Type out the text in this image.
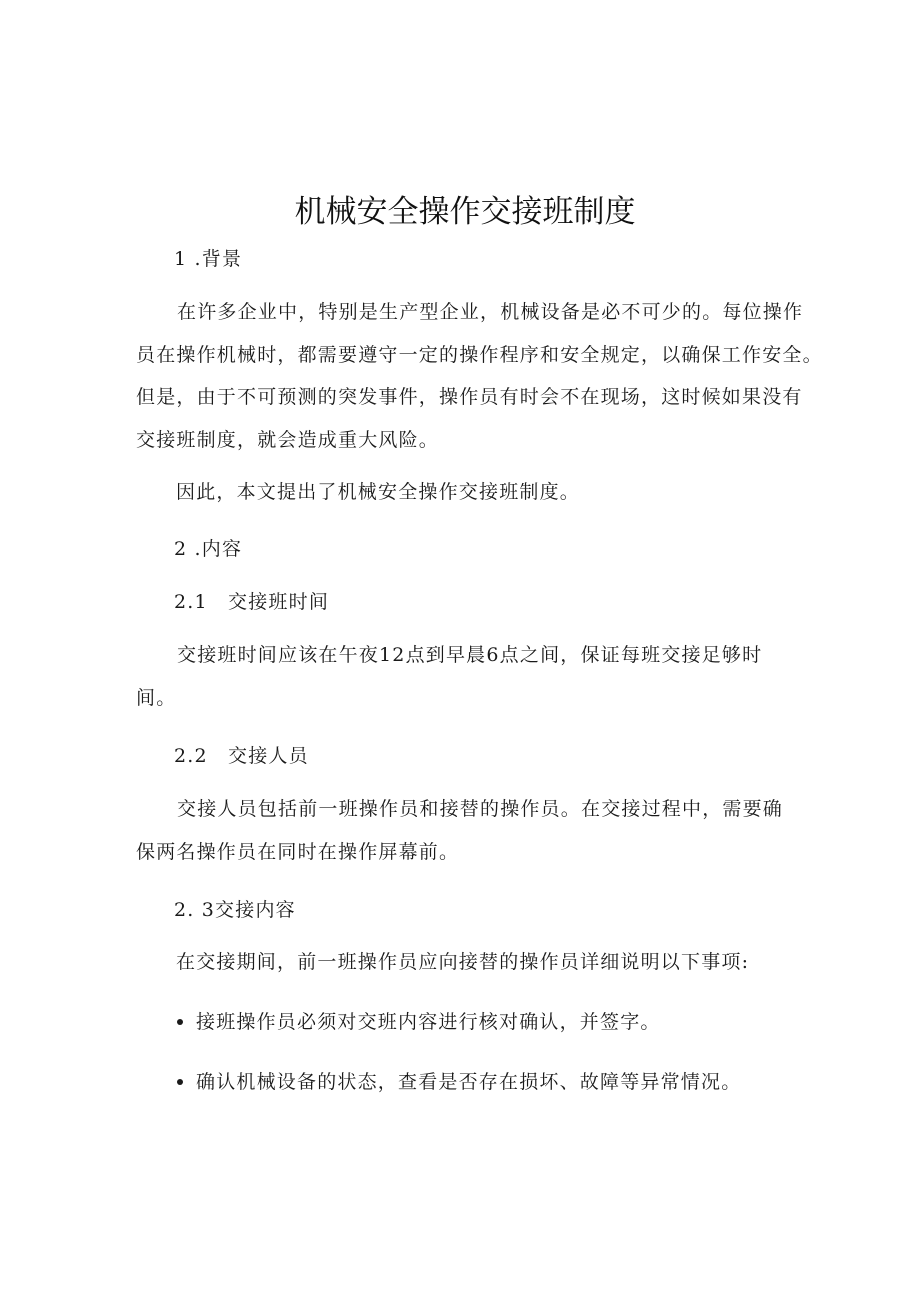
机械安全操作交接班制度
1 .背景
在许多企业中，特别是生产型企业，机械设备是必不可少的。每位操作
员在操作机械时，都需要遵守一定的操作程序和安全规定，以确保工作安全。
但是，由于不可预测的突发事件，操作员有时会不在现场，这时候如果没有
交接班制度，就会造成重大风险。
因此，本文提出了机械安全操作交接班制度。
2 .内容
2.1　交接班时间
交接班时间应该在午夜12点到早晨6点之间，保证每班交接足够时
间。
2.2　交接人员
交接人员包括前一班操作员和接替的操作员。在交接过程中，需要确
保两名操作员在同时在操作屏幕前。
2. 3交接内容
在交接期间，前一班操作员应向接替的操作员详细说明以下事项:
接班操作员必须对交班内容进行核对确认，并签字。
确认机械设备的状态，查看是否存在损坏、故障等异常情况。
